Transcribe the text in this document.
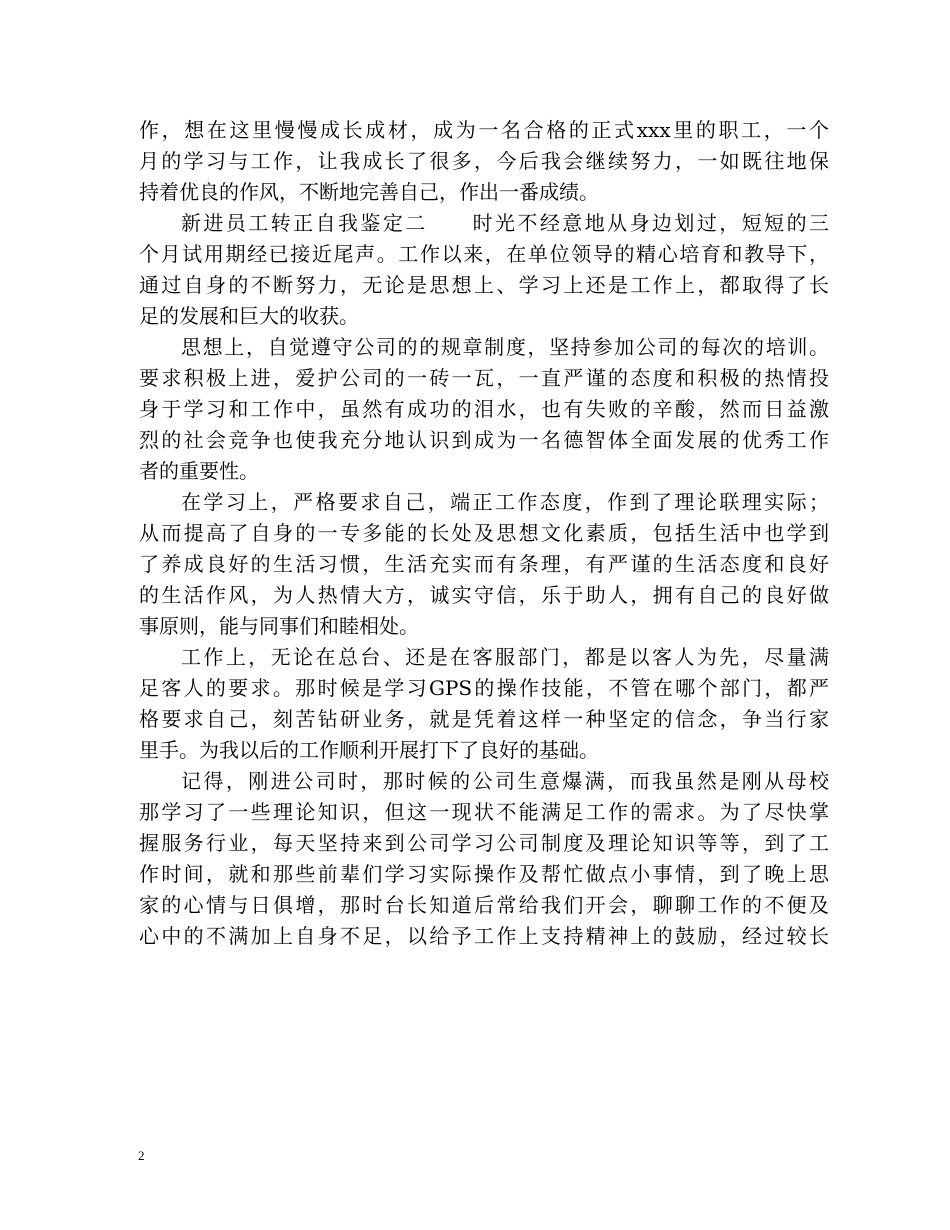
作，想在这里慢慢成长成材，成为一名合格的正式xxx里的职工，一个
月的学习与工作，让我成长了很多，今后我会继续努力，一如既往地保
持着优良的作风，不断地完善自己，作出一番成绩。
新进员工转正自我鉴定二　　时光不经意地从身边划过，短短的三
个月试用期经已接近尾声。工作以来，在单位领导的精心培育和教导下，
通过自身的不断努力，无论是思想上、学习上还是工作上，都取得了长
足的发展和巨大的收获。
思想上，自觉遵守公司的的规章制度，坚持参加公司的每次的培训。
要求积极上进，爱护公司的一砖一瓦，一直严谨的态度和积极的热情投
身于学习和工作中，虽然有成功的泪水，也有失败的辛酸，然而日益激
烈的社会竞争也使我充分地认识到成为一名德智体全面发展的优秀工作
者的重要性。
在学习上，严格要求自己，端正工作态度，作到了理论联理实际；
从而提高了自身的一专多能的长处及思想文化素质，包括生活中也学到
了养成良好的生活习惯，生活充实而有条理，有严谨的生活态度和良好
的生活作风，为人热情大方，诚实守信，乐于助人，拥有自己的良好做
事原则，能与同事们和睦相处。
工作上，无论在总台、还是在客服部门，都是以客人为先，尽量满
足客人的要求。那时候是学习GPS的操作技能，不管在哪个部门，都严
格要求自己，刻苦钻研业务，就是凭着这样一种坚定的信念，争当行家
里手。为我以后的工作顺利开展打下了良好的基础。
记得，刚进公司时，那时候的公司生意爆满，而我虽然是刚从母校
那学习了一些理论知识，但这一现状不能满足工作的需求。为了尽快掌
握服务行业，每天坚持来到公司学习公司制度及理论知识等等，到了工
作时间，就和那些前辈们学习实际操作及帮忙做点小事情，到了晚上思
家的心情与日俱增，那时台长知道后常给我们开会，聊聊工作的不便及
心中的不满加上自身不足，以给予工作上支持精神上的鼓励，经过较长
2
